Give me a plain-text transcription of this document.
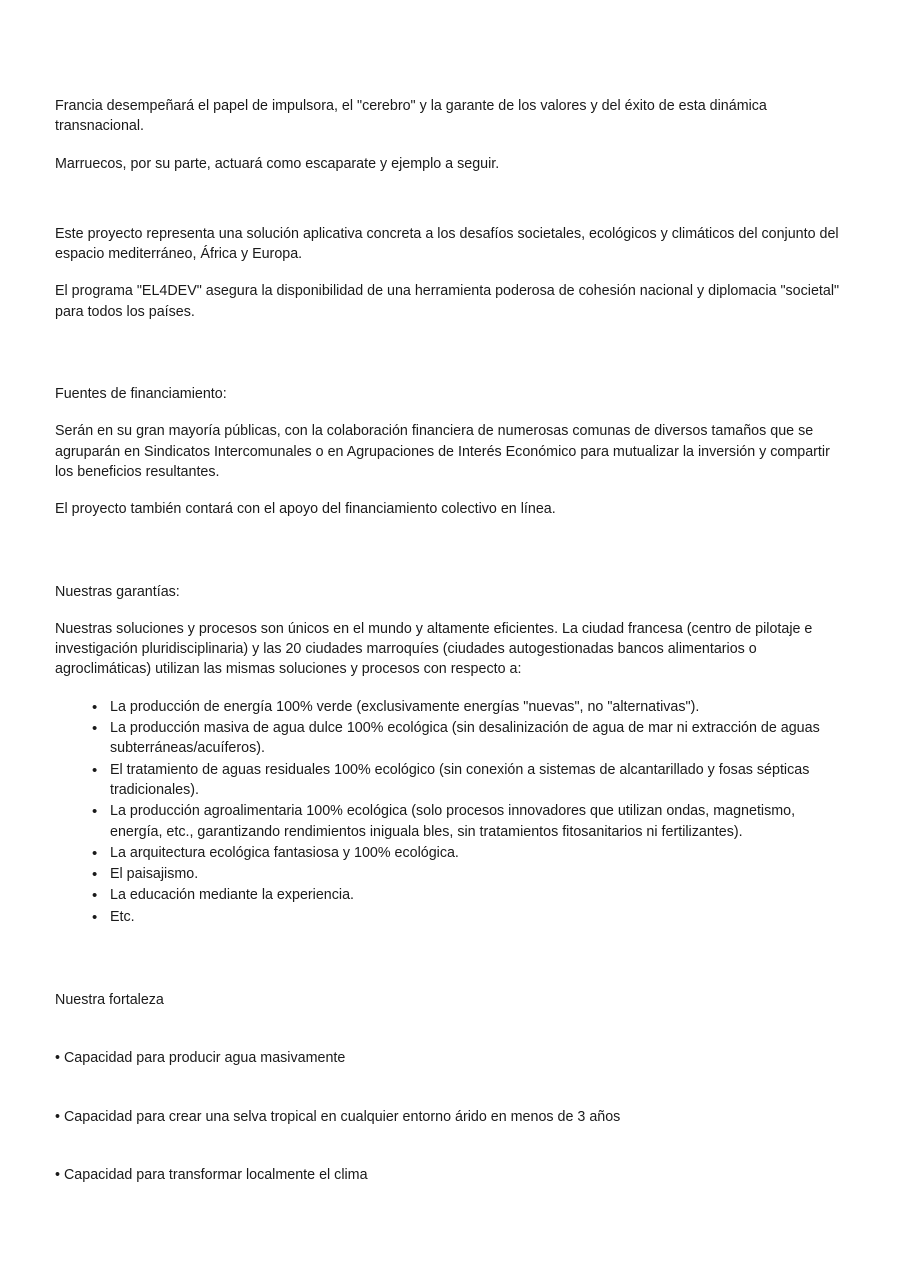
Francia desempeñará el papel de impulsora, el "cerebro" y la garante de los valores y del éxito de esta dinámica transnacional.

Marruecos, por su parte, actuará como escaparate y ejemplo a seguir.

Este proyecto representa una solución aplicativa concreta a los desafíos societales, ecológicos y climáticos del conjunto del espacio mediterráneo, África y Europa.

El programa "EL4DEV" asegura la disponibilidad de una herramienta poderosa de cohesión nacional y diplomacia "societal" para todos los países.

Fuentes de financiamiento:

Serán en su gran mayoría públicas, con la colaboración financiera de numerosas comunas de diversos tamaños que se agruparán en Sindicatos Intercomunales o en Agrupaciones de Interés Económico para mutualizar la inversión y compartir los beneficios resultantes.

El proyecto también contará con el apoyo del financiamiento colectivo en línea.

Nuestras garantías:

Nuestras soluciones y procesos son únicos en el mundo y altamente eficientes. La ciudad francesa (centro de pilotaje e investigación pluridisciplinaria) y las 20 ciudades marroquíes (ciudades autogestionadas bancos alimentarios o agroclimáticas) utilizan las mismas soluciones y procesos con respecto a:

• La producción de energía 100% verde (exclusivamente energías "nuevas", no "alternativas").
• La producción masiva de agua dulce 100% ecológica (sin desalinización de agua de mar ni extracción de aguas subterráneas/acuíferos).
• El tratamiento de aguas residuales 100% ecológico (sin conexión a sistemas de alcantarillado y fosas sépticas tradicionales).
• La producción agroalimentaria 100% ecológica (solo procesos innovadores que utilizan ondas, magnetismo, energía, etc., garantizando rendimientos iniguala bles, sin tratamientos fitosanitarios ni fertilizantes).
• La arquitectura ecológica fantasiosa y 100% ecológica.
• El paisajismo.
• La educación mediante la experiencia.
• Etc.

Nuestra fortaleza

• Capacidad para producir agua masivamente

• Capacidad para crear una selva tropical en cualquier entorno árido en menos de 3 años

• Capacidad para transformar localmente el clima
